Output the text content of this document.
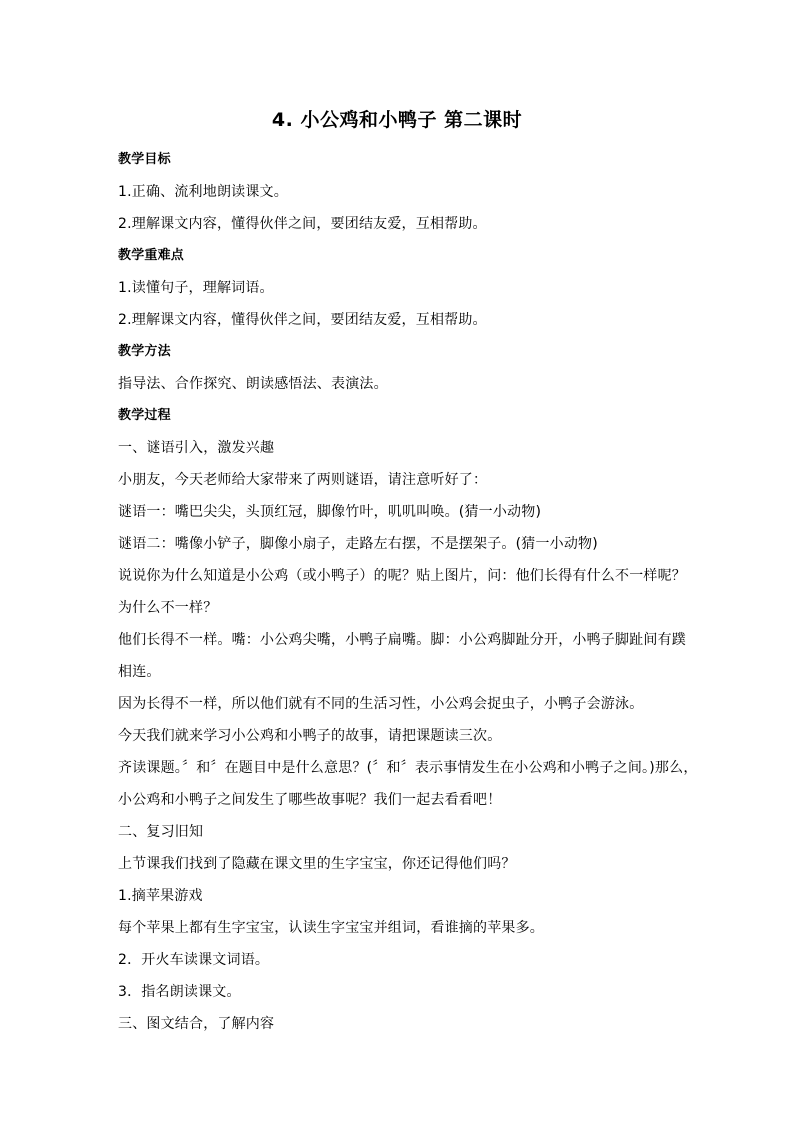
4. 小公鸡和小鸭子 第二课时
教学目标
1.正确、流利地朗读课文。
2.理解课文内容，懂得伙伴之间，要团结友爱，互相帮助。
教学重难点
1.读懂句子，理解词语。
2.理解课文内容，懂得伙伴之间，要团结友爱，互相帮助。
教学方法
指导法、合作探究、朗读感悟法、表演法。
教学过程
一、谜语引入，激发兴趣
小朋友，今天老师给大家带来了两则谜语，请注意听好了：
谜语一：嘴巴尖尖，头顶红冠，脚像竹叶，叽叽叫唤。(猜一小动物)
谜语二：嘴像小铲子，脚像小扇子，走路左右摆，不是摆架子。(猜一小动物)
说说你为什么知道是小公鸡（或小鸭子）的呢？贴上图片，问：他们长得有什么不一样呢？
为什么不一样？
他们长得不一样。嘴：小公鸡尖嘴，小鸭子扁嘴。脚：小公鸡脚趾分开，小鸭子脚趾间有蹼
相连。
因为长得不一样，所以他们就有不同的生活习性，小公鸡会捉虫子，小鸭子会游泳。
今天我们就来学习小公鸡和小鸭子的故事，请把课题读三次。
齐读课题。〞和〞在题目中是什么意思？(〞和〞表示事情发生在小公鸡和小鸭子之间。)那么，
小公鸡和小鸭子之间发生了哪些故事呢？我们一起去看看吧！
二、复习旧知
上节课我们找到了隐藏在课文里的生字宝宝，你还记得他们吗？
1.摘苹果游戏
每个苹果上都有生字宝宝，认读生字宝宝并组词，看谁摘的苹果多。
2．开火车读课文词语。
3．指名朗读课文。
三、图文结合，了解内容
